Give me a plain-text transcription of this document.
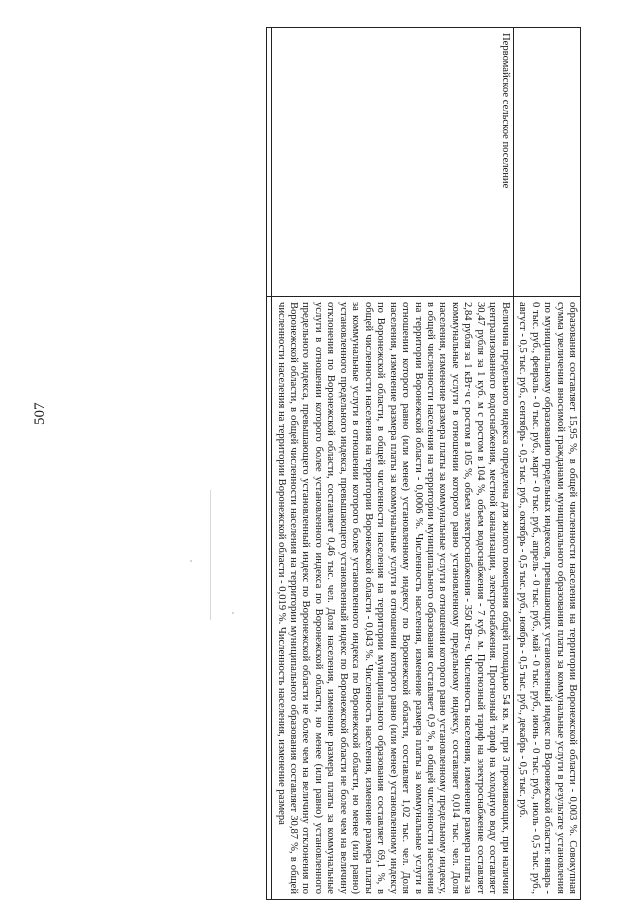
507
		образования составляет 15,95 %, в общей численности населения на территории Воронежской области - 0,003 %. Совокупная сумма увеличения вносимой гражданами муниципального образования платы за коммунальные услуги в результате установления по муниципальному образованию предельных индексов, превышающих установленный индекс по Воронежской области: январь - 0 тыс. руб., февраль - 0 тыс. руб., март - 0 тыс. руб., апрель - 0 тыс. руб., май - 0 тыс. руб., июнь - 0 тыс. руб., июль - 0,5 тыс. руб., август - 0,5 тыс. руб., сентябрь - 0,5 тыс. руб., октябрь - 0,5 тыс. руб., ноябрь - 0,5 тыс. руб., декабрь - 0,5 тыс. руб.
Первомайское сельское поселение	Величина предельного индекса определена для жилого помещения общей площадью 54 кв. м, при 3 проживающих, при наличии централизованного водоснабжения, местной канализации, электроснабжения. Прогнозный тариф на холодную воду составляет 30,47 рубля за 1 куб. м с ростом в 104 %, объем водоснабжения - 7 куб. м. Прогнозный тариф на электроснабжение составляет 2,84 рубля за 1 кВт·ч с ростом в 105 %, объем электроснабжения - 350 кВт·ч. Численность населения, изменение размера платы за коммунальные услуги в отношении которого равно установленному предельному индексу, составляет 0,014 тыс. чел. Доля населения, изменение размера платы за коммунальные услуги в отношении которого равно установленному предельному индексу, в общей численности населения на территории муниципального образования составляет 0,9 %, в общей численности населения на территории Воронежской области - 0,0006 %. Численность населения, изменение размера платы за коммунальные услуги в отношении которого равно (или менее) установленному индексу по Воронежской области, составляет 1,02 тыс. чел. Доля населения, изменение размера платы за коммунальные услуги в отношении которого равно (или менее) установленному индексу по Воронежской области, в общей численности населения на территории муниципального образования составляет 69,1 %, в общей численности населения на территории Воронежской области - 0,043 %. Численность населения, изменение размера платы за коммунальные услуги в отношении которого более установленного индекса по Воронежской области, но менее (или равно) установленного предельного индекса, превышающего установленный индекс по Воронежской области не более чем на величину отклонения по Воронежской области, составляет 0,46 тыс. чел. Доля населения, изменение размера платы за коммунальные услуги в отношении которого более установленного индекса по Воронежской области, но менее (или равно) установленного предельного индекса, превышающего установленный индекс по Воронежской области не более чем на величину отклонения по Воронежской области, в общей численности населения на территории муниципального образования составляет 30,87 %, в общей численности населения на территории Воронежской области - 0,019 %. Численность населения, изменение размера
